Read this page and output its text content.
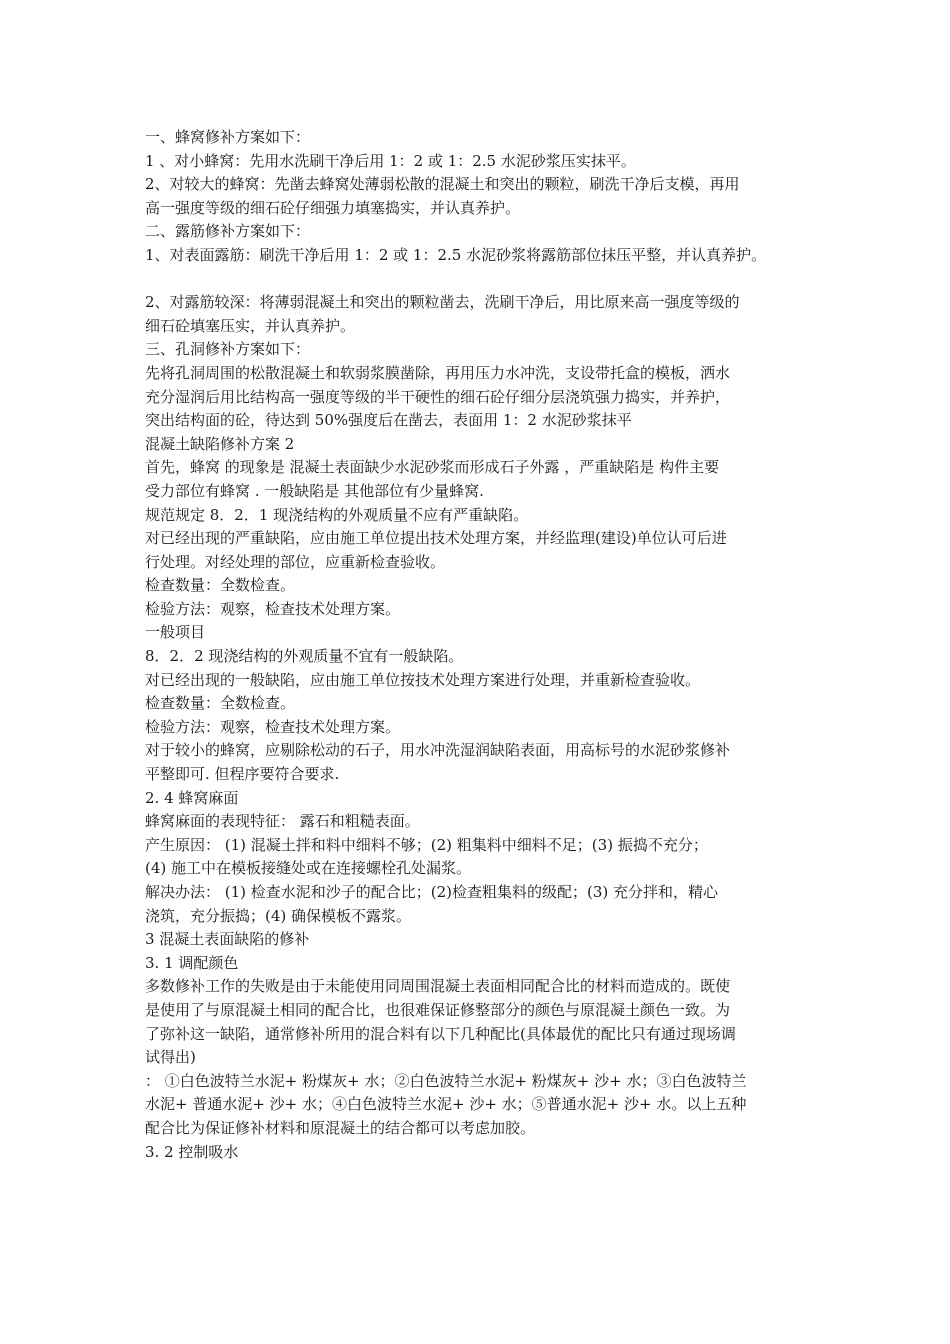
一、蜂窝修补方案如下：
1 、对小蜂窝：先用水洗刷干净后用 1：2 或 1：2.5 水泥砂浆压实抹平。
2、对较大的蜂窝：先凿去蜂窝处薄弱松散的混凝土和突出的颗粒，刷洗干净后支模，再用
高一强度等级的细石砼仔细强力填塞捣实，并认真养护。
二、露筋修补方案如下：
1、对表面露筋：刷洗干净后用 1：2 或 1：2.5 水泥砂浆将露筋部位抹压平整，并认真养护。
2、对露筋较深：将薄弱混凝土和突出的颗粒凿去，洗刷干净后，用比原来高一强度等级的
细石砼填塞压实，并认真养护。
三、孔洞修补方案如下：
先将孔洞周围的松散混凝土和软弱浆膜凿除，再用压力水冲洗，支设带托盒的模板，洒水
充分湿润后用比结构高一强度等级的半干硬性的细石砼仔细分层浇筑强力捣实，并养护，
突出结构面的砼，待达到 50%强度后在凿去，表面用 1：2 水泥砂浆抹平
混凝土缺陷修补方案 2
首先，蜂窝 的现象是 混凝土表面缺少水泥砂浆而形成石子外露 ，严重缺陷是 构件主要
受力部位有蜂窝 . 一般缺陷是 其他部位有少量蜂窝.
规范规定 8．2．1 现浇结构的外观质量不应有严重缺陷。
对已经出现的严重缺陷，应由施工单位提出技术处理方案，并经监理(建设)单位认可后进
行处理。对经处理的部位，应重新检查验收。
检查数量：全数检查。
检验方法：观察，检查技术处理方案。
一般项目
8．2．2 现浇结构的外观质量不宜有一般缺陷。
对已经出现的一般缺陷，应由施工单位按技术处理方案进行处理，并重新检查验收。
检查数量：全数检查。
检验方法：观察，检查技术处理方案。
对于较小的蜂窝，应剔除松动的石子，用水冲洗湿润缺陷表面，用高标号的水泥砂浆修补
平整即可. 但程序要符合要求.
2. 4 蜂窝麻面
蜂窝麻面的表现特征： 露石和粗糙表面。
产生原因： (1) 混凝土拌和料中细料不够；(2) 粗集料中细料不足；(3) 振捣不充分；
(4) 施工中在模板接缝处或在连接螺栓孔处漏浆。
解决办法： (1) 检查水泥和沙子的配合比；(2)检查粗集料的级配；(3) 充分拌和，精心
浇筑，充分振捣；(4) 确保模板不露浆。
3 混凝土表面缺陷的修补
3. 1 调配颜色
多数修补工作的失败是由于未能使用同周围混凝土表面相同配合比的材料而造成的。既使
是使用了与原混凝土相同的配合比，也很难保证修整部分的颜色与原混凝土颜色一致。为
了弥补这一缺陷，通常修补所用的混合料有以下几种配比(具体最优的配比只有通过现场调
试得出)
： ①白色波特兰水泥+ 粉煤灰+ 水；②白色波特兰水泥+ 粉煤灰+ 沙+ 水；③白色波特兰
水泥+ 普通水泥+ 沙+ 水；④白色波特兰水泥+ 沙+ 水；⑤普通水泥+ 沙+ 水。以上五种
配合比为保证修补材料和原混凝土的结合都可以考虑加胶。
3. 2 控制吸水
